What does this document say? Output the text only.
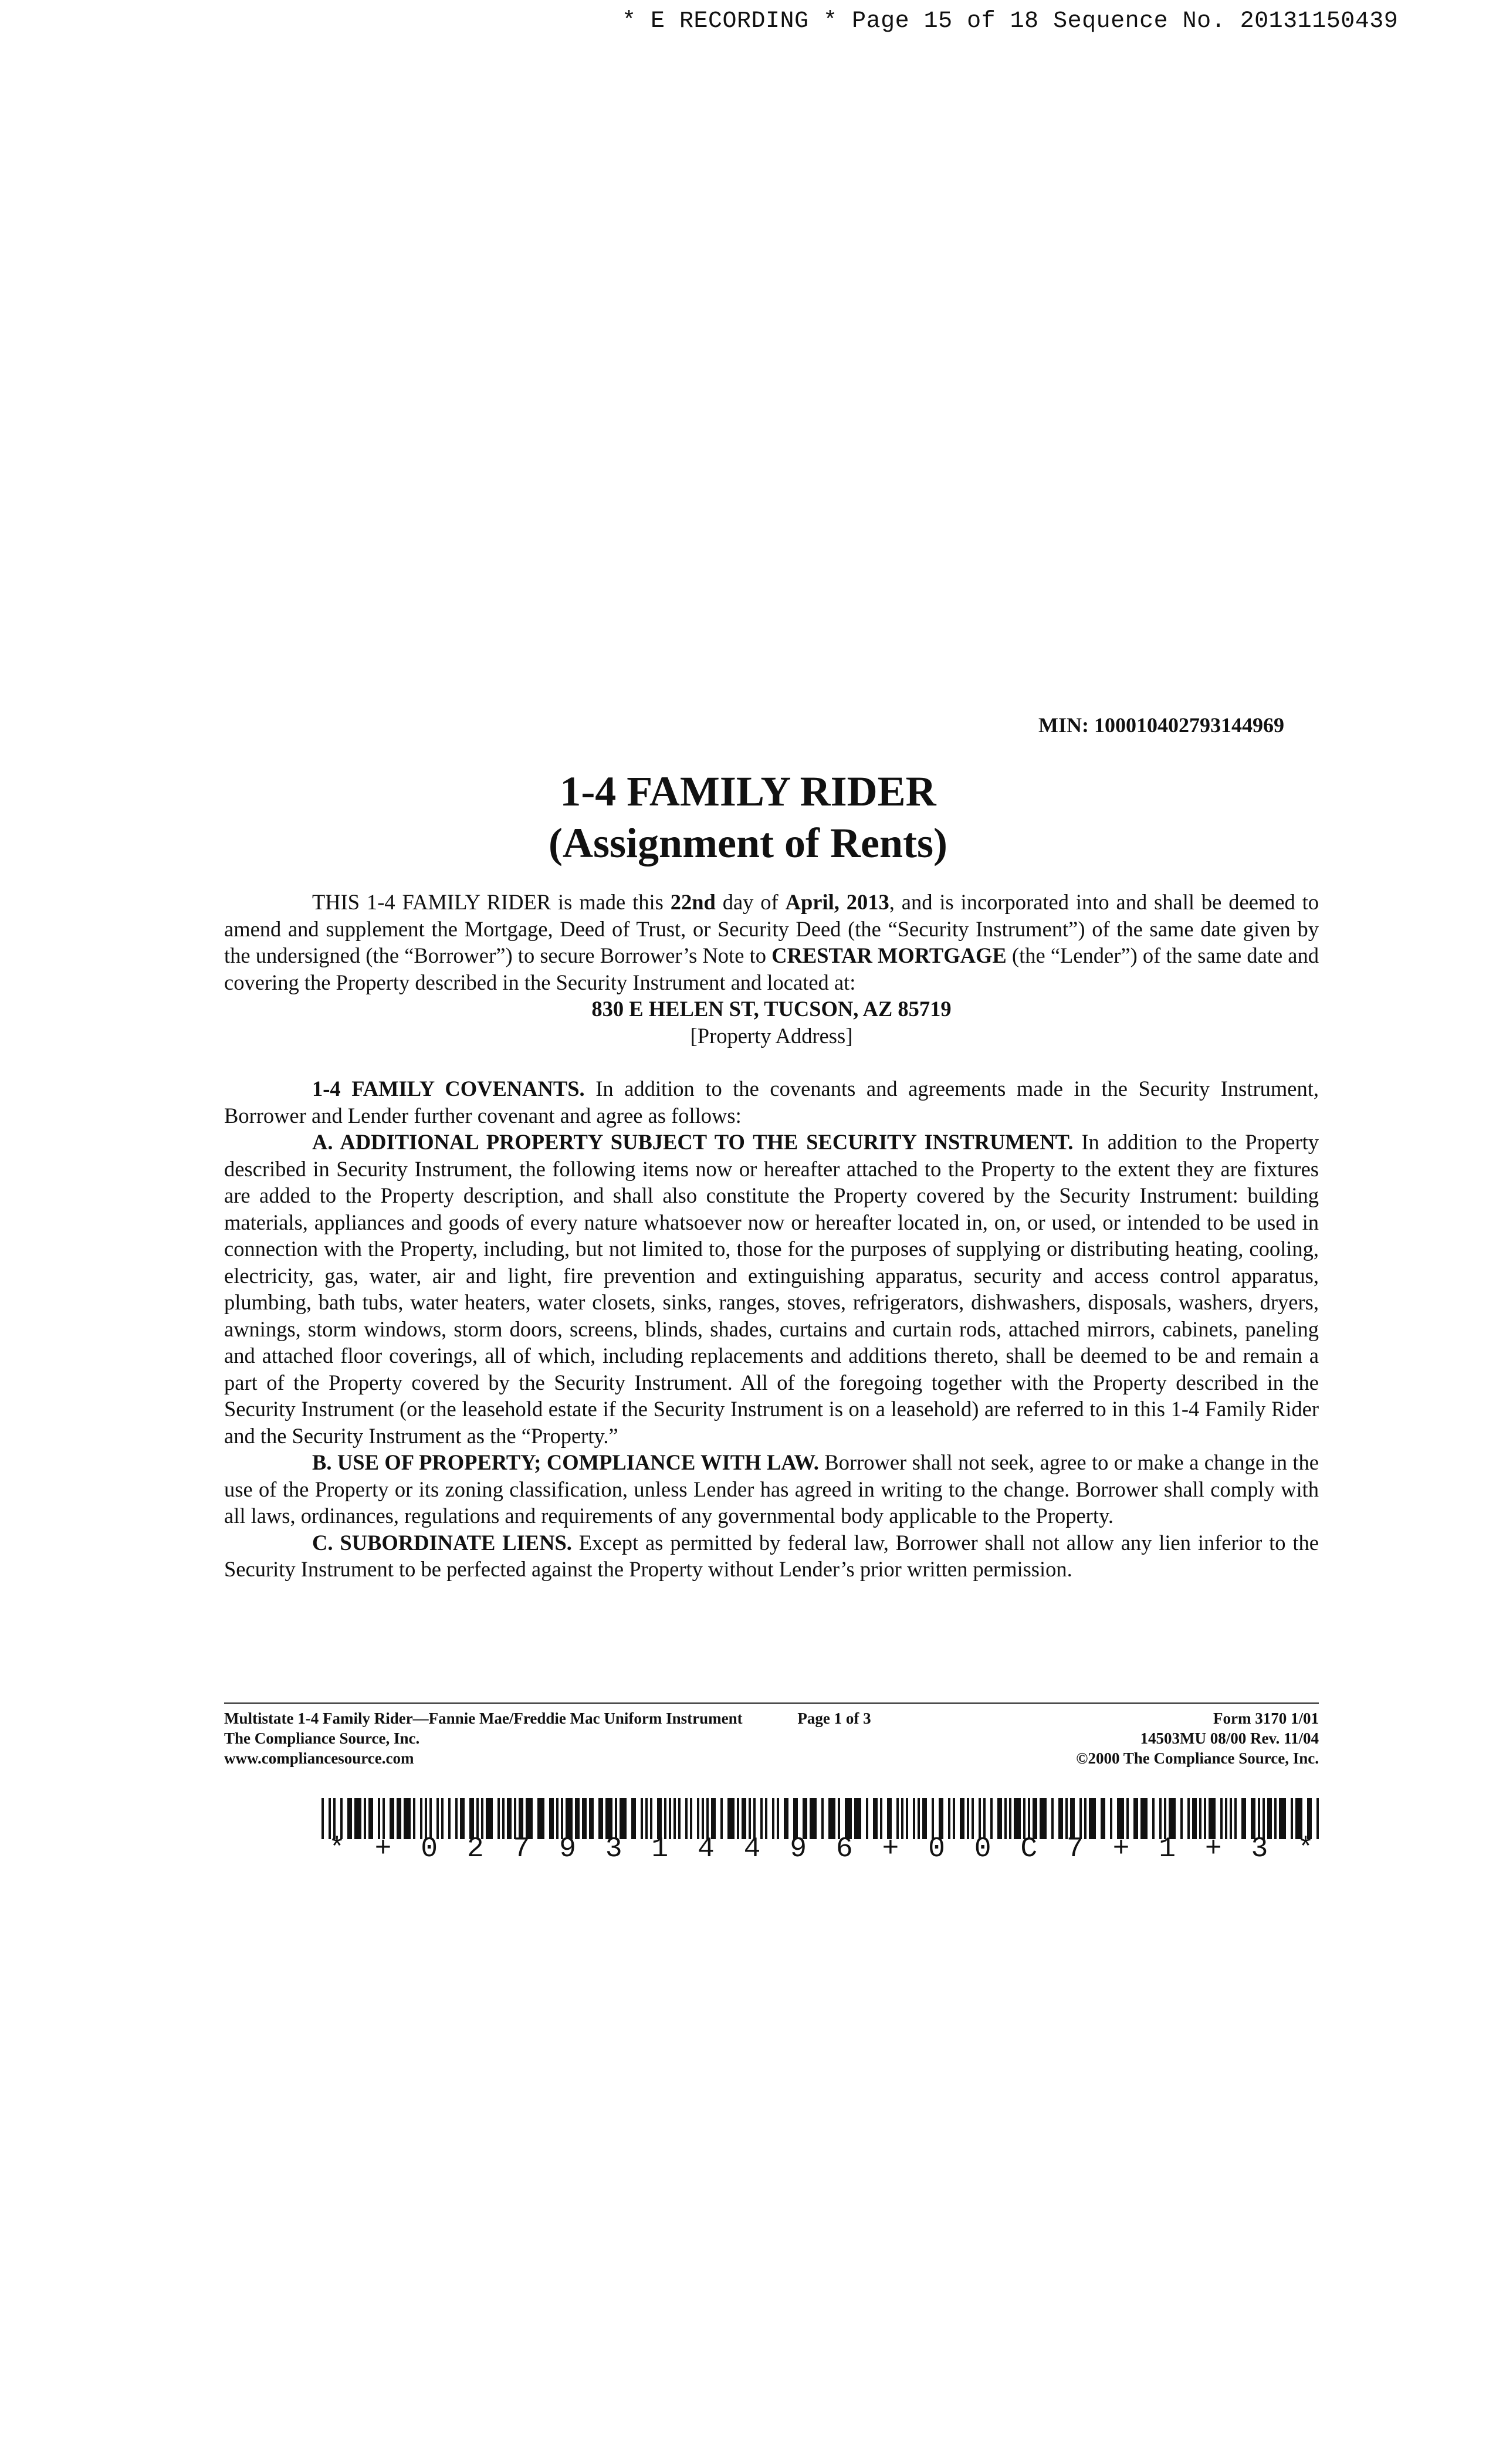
* E RECORDING * Page 15 of 18 Sequence No. 20131150439
MIN: 100010402793144969
1-4 FAMILY RIDER
(Assignment of Rents)

THIS 1-4 FAMILY RIDER is made this 22nd day of April, 2013, and is incorporated into and shall be deemed to amend and supplement the Mortgage, Deed of Trust, or Security Deed (the “Security Instrument”) of the same date given by the undersigned (the “Borrower”) to secure Borrower’s Note to CRESTAR MORTGAGE (the “Lender”) of the same date and covering the Property described in the Security Instrument and located at:

830 E HELEN ST, TUCSON, AZ 85719

[Property Address]

1-4 FAMILY COVENANTS. In addition to the covenants and agreements made in the Security Instrument, Borrower and Lender further covenant and agree as follows:

A. ADDITIONAL PROPERTY SUBJECT TO THE SECURITY INSTRUMENT. In addition to the Property described in Security Instrument, the following items now or hereafter attached to the Property to the extent they are fixtures are added to the Property description, and shall also constitute the Property covered by the Security Instrument: building materials, appliances and goods of every nature whatsoever now or hereafter located in, on, or used, or intended to be used in connection with the Property, including, but not limited to, those for the purposes of supplying or distributing heating, cooling, electricity, gas, water, air and light, fire prevention and extinguishing apparatus, security and access control apparatus, plumbing, bath tubs, water heaters, water closets, sinks, ranges, stoves, refrigerators, dishwashers, disposals, washers, dryers, awnings, storm windows, storm doors, screens, blinds, shades, curtains and curtain rods, attached mirrors, cabinets, paneling and attached floor coverings, all of which, including replacements and additions thereto, shall be deemed to be and remain a part of the Property covered by the Security Instrument. All of the foregoing together with the Property described in the Security Instrument (or the leasehold estate if the Security Instrument is on a leasehold) are referred to in this 1-4 Family Rider and the Security Instrument as the “Property.”

B. USE OF PROPERTY; COMPLIANCE WITH LAW. Borrower shall not seek, agree to or make a change in the use of the Property or its zoning classification, unless Lender has agreed in writing to the change. Borrower shall comply with all laws, ordinances, regulations and requirements of any governmental body applicable to the Property.

C. SUBORDINATE LIENS. Except as permitted by federal law, Borrower shall not allow any lien inferior to the Security Instrument to be perfected against the Property without Lender’s prior written permission.

Multistate 1-4 Family Rider—Fannie Mae/Freddie Mac Uniform Instrument
The Compliance Source, Inc.
www.compliancesource.com
Page 1 of 3	Form 3170 1/01
14503MU 08/00 Rev. 11/04
©2000 The Compliance Source, Inc.
* + 0 2 7 9 3 1 4 4 9 6 + 0 0 C 7 + 1 + 3 *
